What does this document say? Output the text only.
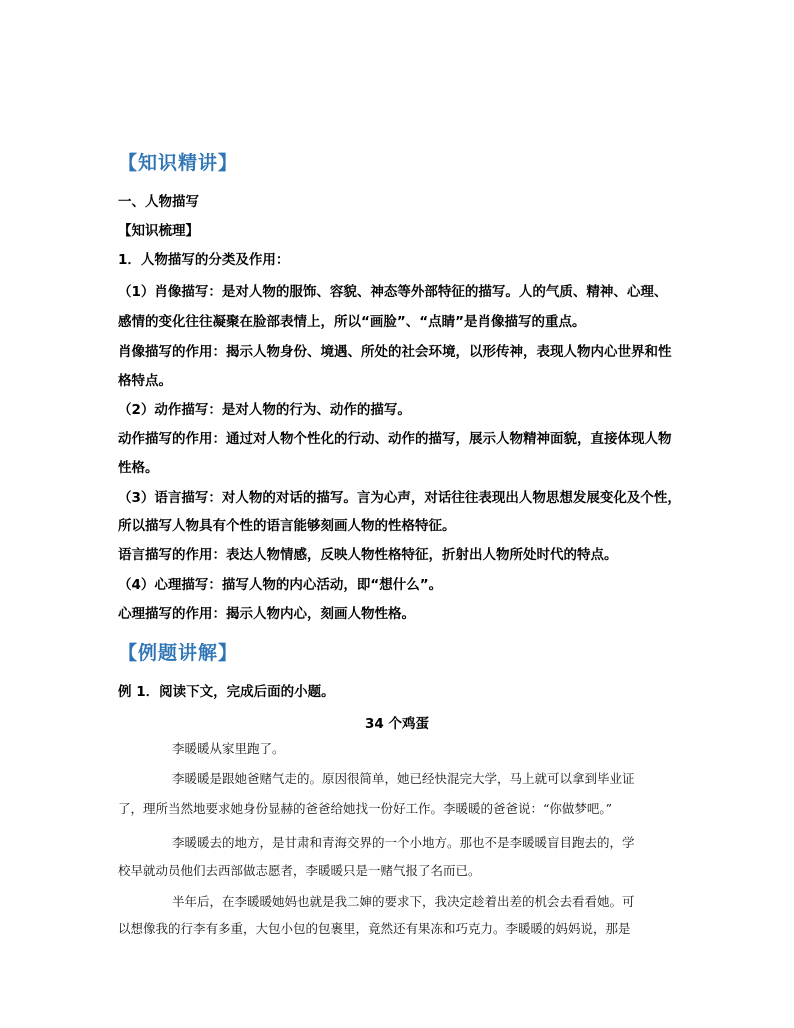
【知识精讲】
一、人物描写
【知识梳理】
1．人物描写的分类及作用：
（1）肖像描写：是对人物的服饰、容貌、神态等外部特征的描写。人的气质、精神、心理、
感情的变化往往凝聚在脸部表情上，所以“画脸”、“点睛”是肖像描写的重点。
肖像描写的作用：揭示人物身份、境遇、所处的社会环境，以形传神，表现人物内心世界和性
格特点。
（2）动作描写：是对人物的行为、动作的描写。
动作描写的作用：通过对人物个性化的行动、动作的描写，展示人物精神面貌，直接体现人物
性格。
（3）语言描写：对人物的对话的描写。言为心声，对话往往表现出人物思想发展变化及个性，
所以描写人物具有个性的语言能够刻画人物的性格特征。
语言描写的作用：表达人物情感，反映人物性格特征，折射出人物所处时代的特点。
（4）心理描写：描写人物的内心活动，即“想什么”。
心理描写的作用：揭示人物内心，刻画人物性格。
【例题讲解】
例 1．阅读下文，完成后面的小题。
34 个鸡蛋
李暖暖从家里跑了。
李暖暖是跟她爸赌气走的。原因很简单，她已经快混完大学，马上就可以拿到毕业证
了，理所当然地要求她身份显赫的爸爸给她找一份好工作。李暖暖的爸爸说：“你做梦吧。”
李暖暖去的地方，是甘肃和青海交界的一个小地方。那也不是李暖暖盲目跑去的，学
校早就动员他们去西部做志愿者，李暖暖只是一赌气报了名而已。
半年后，在李暖暖她妈也就是我二婶的要求下，我决定趁着出差的机会去看看她。可
以想像我的行李有多重，大包小包的包裹里，竟然还有果冻和巧克力。李暖暖的妈妈说，那是
